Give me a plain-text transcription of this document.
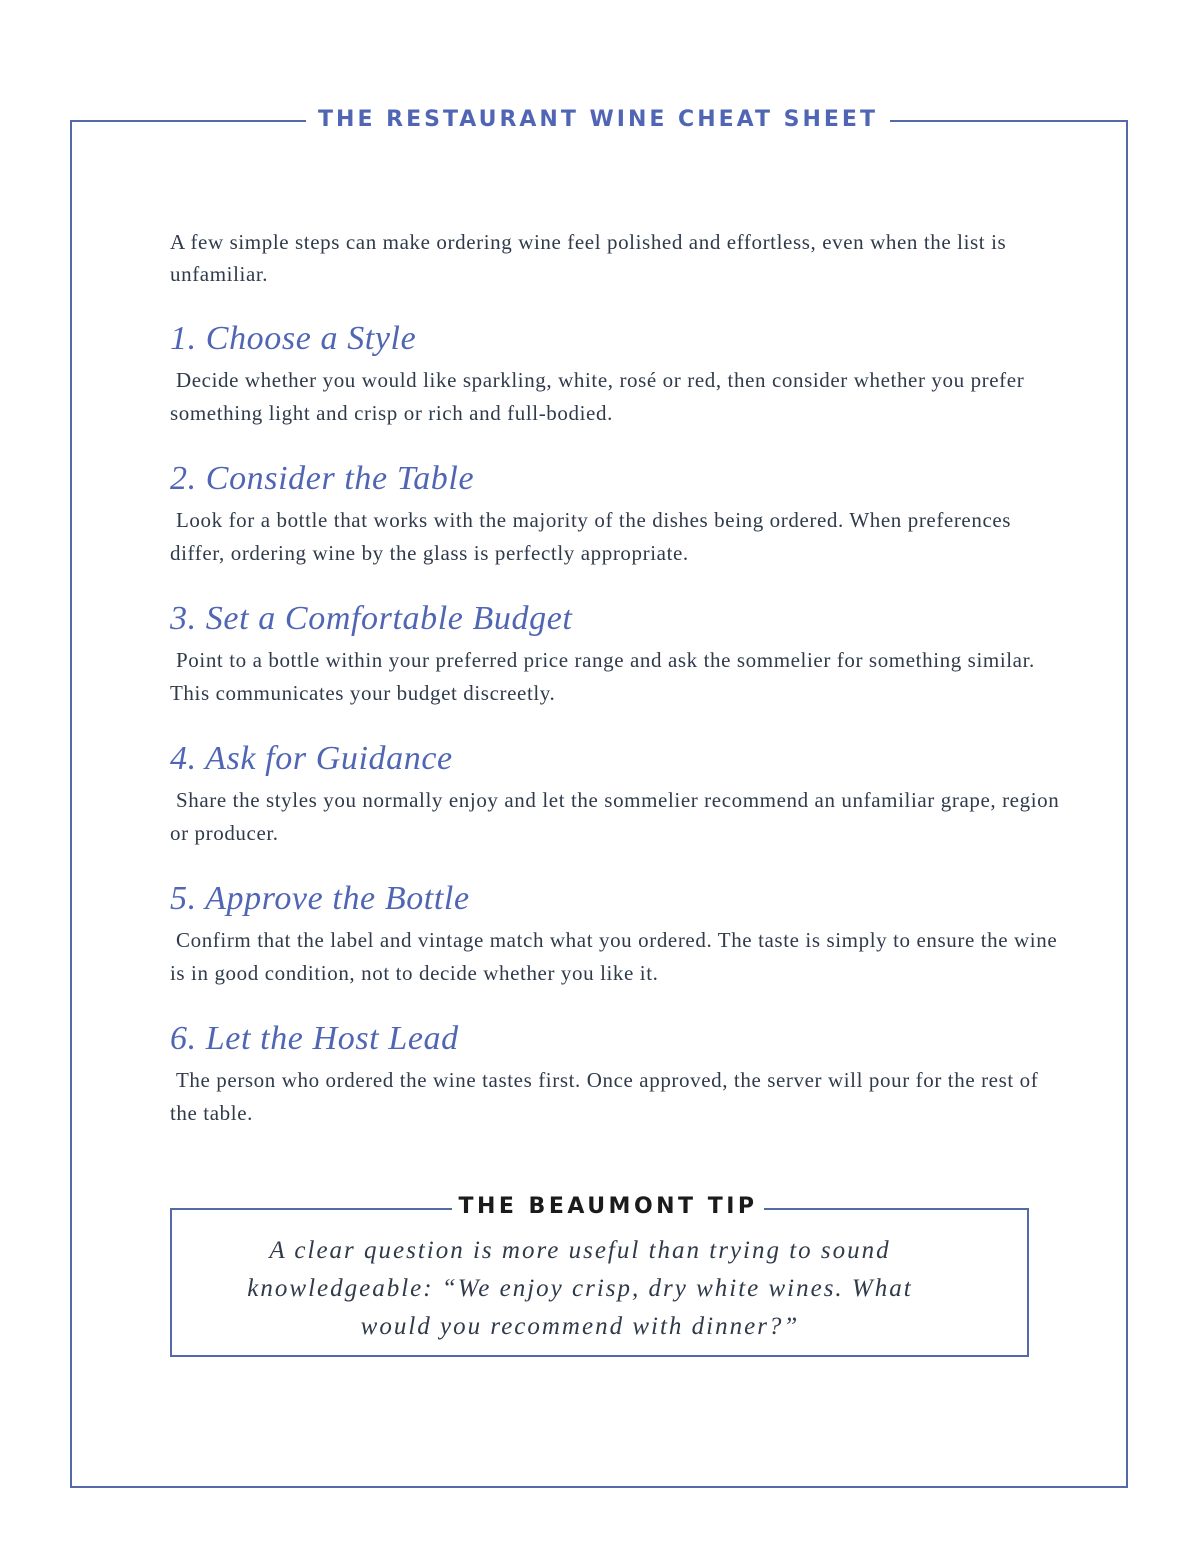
THE RESTAURANT WINE CHEAT SHEET

A few simple steps can make ordering wine feel polished and effortless, even when the list is unfamiliar.

1. Choose a Style

Decide whether you would like sparkling, white, rosé or red, then consider whether you prefer something light and crisp or rich and full-bodied.

2. Consider the Table

Look for a bottle that works with the majority of the dishes being ordered. When preferences differ, ordering wine by the glass is perfectly appropriate.

3. Set a Comfortable Budget

Point to a bottle within your preferred price range and ask the sommelier for something similar. This communicates your budget discreetly.

4. Ask for Guidance

Share the styles you normally enjoy and let the sommelier recommend an unfamiliar grape, region or producer.

5. Approve the Bottle

Confirm that the label and vintage match what you ordered. The taste is simply to ensure the wine is in good condition, not to decide whether you like it.

6. Let the Host Lead

The person who ordered the wine tastes first. Once approved, the server will pour for the rest of the table.

THE BEAUMONT TIP

A clear question is more useful than trying to sound knowledgeable: “We enjoy crisp, dry white wines. What would you recommend with dinner?”
